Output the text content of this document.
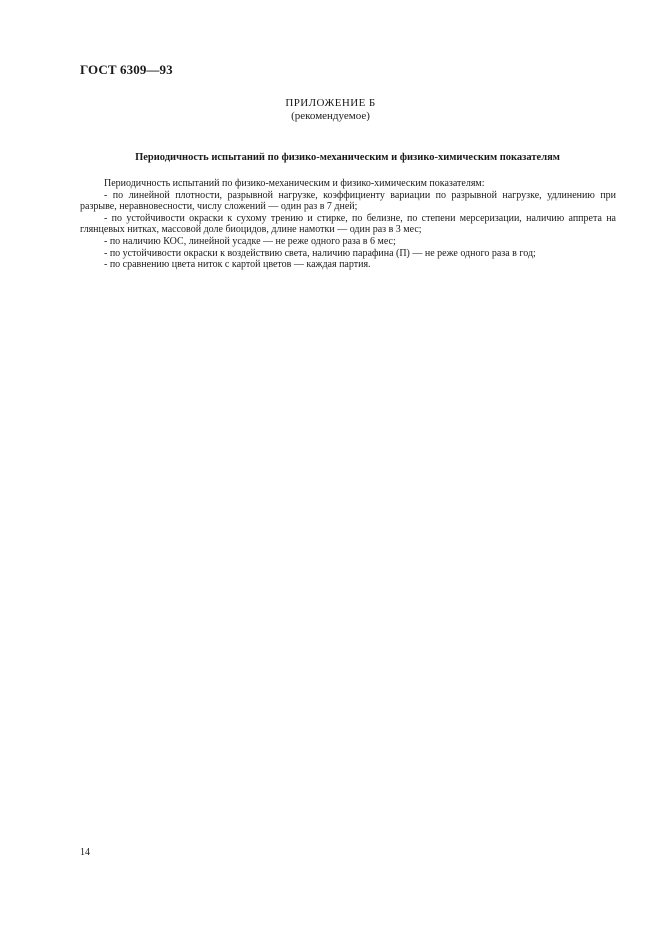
ГОСТ 6309—93
ПРИЛОЖЕНИЕ Б
(рекомендуемое)
Периодичность испытаний по физико-механическим и физико-химическим показателям

Периодичность испытаний по физико-механическим и физико-химическим показателям:

- по линейной плотности, разрывной нагрузке, коэффициенту вариации по разрывной нагрузке, удлинению при разрыве, неравновесности, числу сложений — один раз в 7 дней;

- по устойчивости окраски к сухому трению и стирке, по белизне, по степени мерсеризации, наличию аппрета на глянцевых нитках, массовой доле биоцидов, длине намотки — один раз в 3 мес;

- по наличию КОС, линейной усадке — не реже одного раза в 6 мес;

- по устойчивости окраски к воздействию света, наличию парафина (П) — не реже одного раза в год;

- по сравнению цвета ниток с картой цветов — каждая партия.

14
